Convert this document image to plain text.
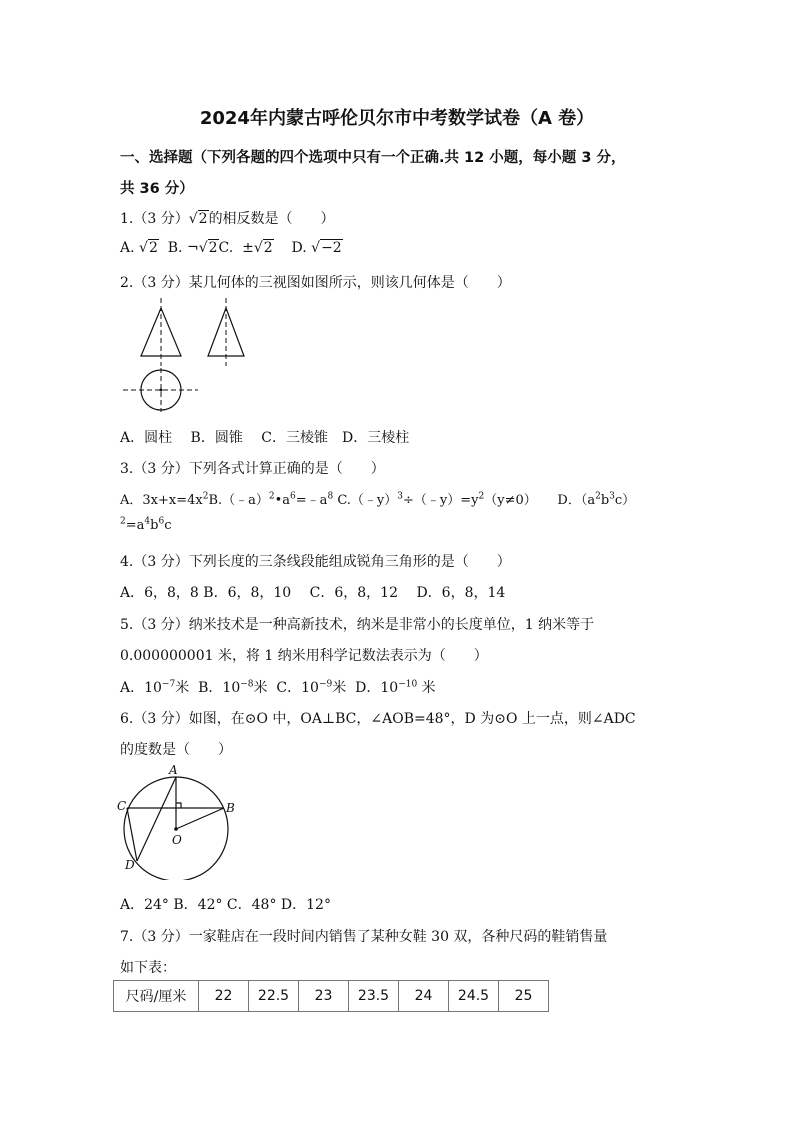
2024年内蒙古呼伦贝尔市中考数学试卷（A 卷）
一、选择题（下列各题的四个选项中只有一个正确.共 12 小题，每小题 3 分，
共 36 分）
1.（3 分）√2的相反数是（　　）
A. √2 B. ¬√2C. ±√2 D. √−2
2.（3 分）某几何体的三视图如图所示，则该几何体是（　　）
A．圆柱　 B．圆锥　 C．三棱锥　D．三棱柱
3.（3 分）下列各式计算正确的是（　　）
A．$3x+x=4x^2B.(﹣a)^2•a^6=﹣a^8$ $C.(﹣y)^3\div(﹣y)=y^2(y\ne 0)$ D．$(a^2b^3c)$
$^2=a^4b^6c$
4.（3 分）下列长度的三条线段能组成锐角三角形的是（　　）
A．6，8，8 B．6，8，10　 C．6，8，12　 D．6，8，14
5.（3 分）纳米技术是一种高新技术，纳米是非常小的长度单位，1 纳米等于
0.000000001 米，将 1 纳米用科学记数法表示为（　　）
A．$10^{-7}$米 B．$10^{-8}$米 C．$10^{-9}$米 D．$10^{-10}$ 米
6.（3 分）如图，在⊙O 中，OA⊥BC，∠AOB=48°，D 为⊙O 上一点，则∠ADC
的度数是（　　）
A
B
C
D
O
A．24° B．42° C．48° D．12°
7.（3 分）一家鞋店在一段时间内销售了某种女鞋 30 双，各种尺码的鞋销售量
如下表：
尺码/厘米	22	22.5	23	23.5	24	24.5	25
